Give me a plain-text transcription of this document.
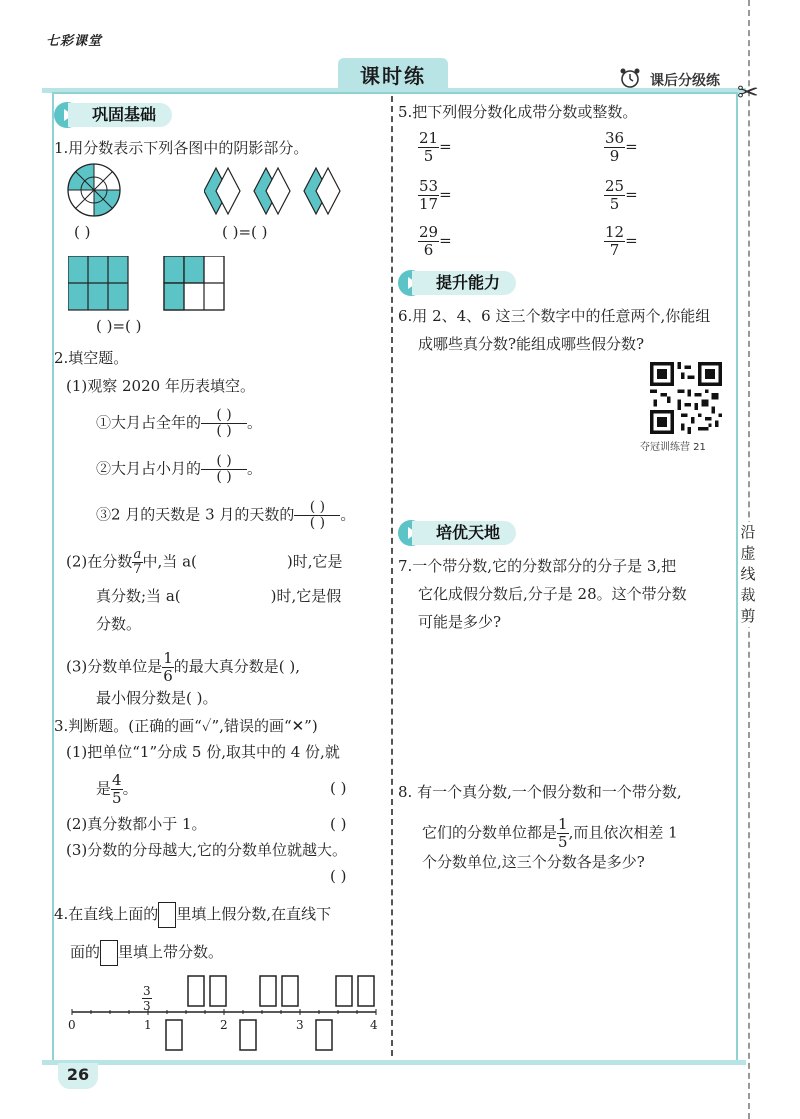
七彩课堂
课时练	课后分级练 ✂
沿
虚
线
裁
剪
巩固基础
1.用分数表示下列各图中的阴影部分。
( )	( )=( )
( )=( )
2.填空题。
(1)观察 2020 年历表填空。
①大月占全年的 $\frac{( )}{( )}$ 。
②大月占小月的 $\frac{( )}{( )}$ 。
③2 月的天数是 3 月的天数的 $\frac{( )}{( )}$ 。
(2)在分数 $\frac{a}{7}$ 中,当 a(	)时,它是
真分数;当 a(	)时,它是假
分数。
(3)分数单位是 $\frac{1}{6}$ 的最大真分数是( ),
最小假分数是( )。
3.判断题。(正确的画“✓”,错误的画“✕”)
(1)把单位“1”分成 5 份,取其中的 4 份,就
是 $\frac{4}{5}$ 。	( )
(2)真分数都小于 1。	( )
(3)分数的分母越大,它的分数单位就越大。
( )
4.在直线上面的 里填上假分数,在直线下
面的 里填上带分数。
$\frac{3}{3}$
0	1	2	3	4
5.把下列假分数化成带分数或整数。
$\frac{21}{5}$ =	$\frac{36}{9}$ =
$\frac{53}{17}$ =	$\frac{25}{5}$ =
$\frac{29}{6}$ =	$\frac{12}{7}$ =
提升能力
6.用 2、4、6 这三个数字中的任意两个,你能组
成哪些真分数?能组成哪些假分数?
夺冠训练营 21
培优天地
7.一个带分数,它的分数部分的分子是 3,把
它化成假分数后,分子是 28。这个带分数
可能是多少?
8. 有一个真分数,一个假分数和一个带分数,
它们的分数单位都是 $\frac{1}{5}$ ,而且依次相差 1
个分数单位,这三个分数各是多少?
26
